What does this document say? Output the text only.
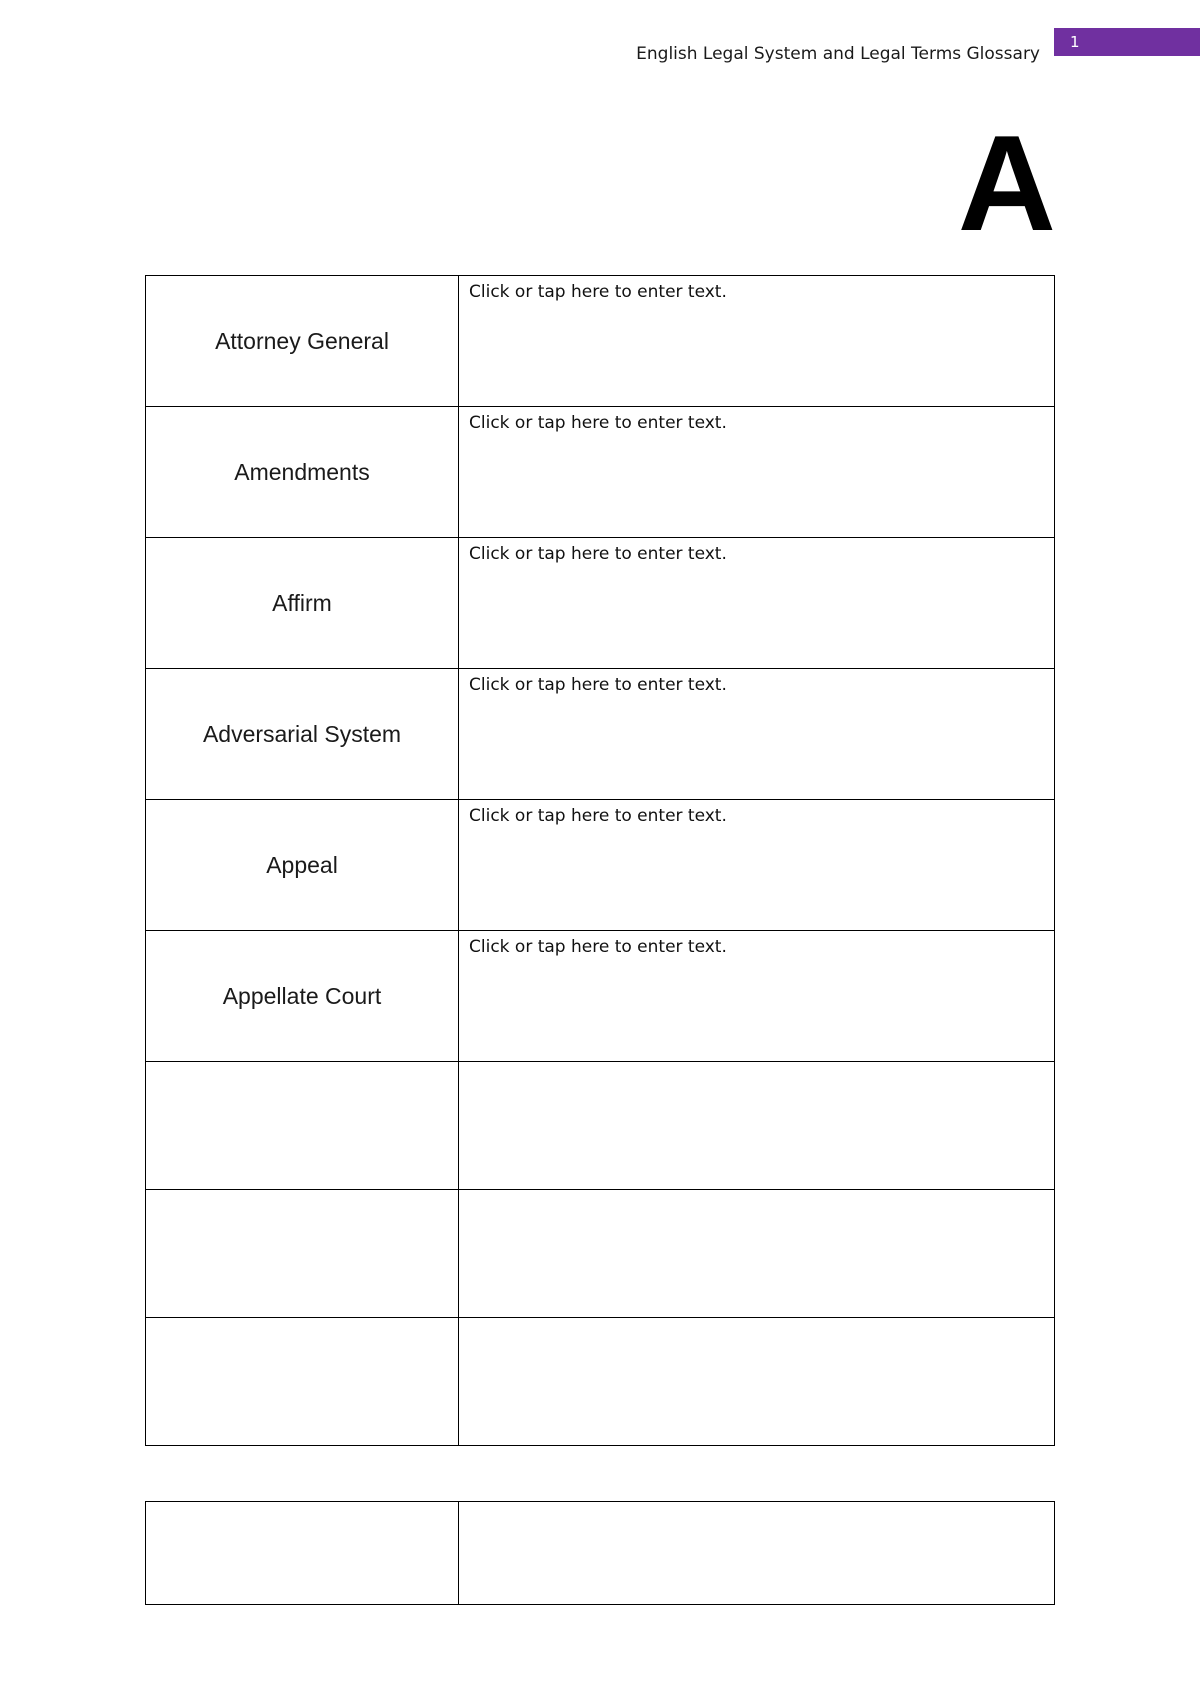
English Legal System and Legal Terms Glossary
1
A
Attorney General	Click or tap here to enter text.
Amendments	Click or tap here to enter text.
Affirm	Click or tap here to enter text.
Adversarial System	Click or tap here to enter text.
Appeal	Click or tap here to enter text.
Appellate Court	Click or tap here to enter text.
